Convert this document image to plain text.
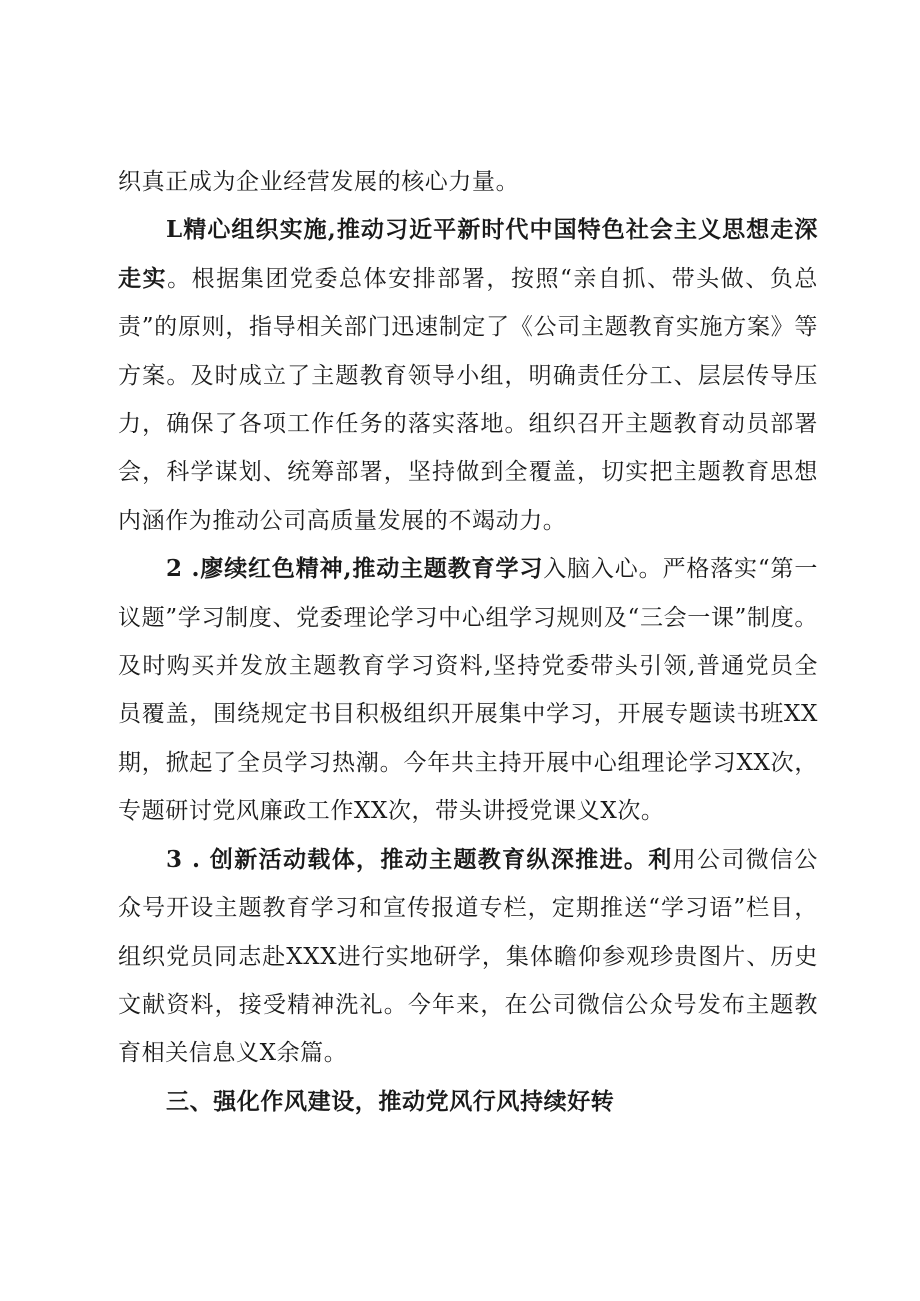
织真正成为企业经营发展的核心力量。

L精心组织实施,推动习近平新时代中国特色社会主义思想走深走实。根据集团党委总体安排部署，按照“亲自抓、带头做、负总责”的原则，指导相关部门迅速制定了《公司主题教育实施方案》等方案。及时成立了主题教育领导小组，明确责任分工、层层传导压力，确保了各项工作任务的落实落地。组织召开主题教育动员部署会，科学谋划、统筹部署，坚持做到全覆盖，切实把主题教育思想内涵作为推动公司高质量发展的不竭动力。

2 .廖续红色精神,推动主题教育学习入脑入心。严格落实“第一议题”学习制度、党委理论学习中心组学习规则及“三会一课”制度。及时购买并发放主题教育学习资料,坚持党委带头引领,普通党员全员覆盖，围绕规定书目积极组织开展集中学习，开展专题读书班XX期，掀起了全员学习热潮。今年共主持开展中心组理论学习XX次，专题研讨党风廉政工作XX次，带头讲授党课义X次。

3 . 创新活动载体，推动主题教育纵深推进。利用公司微信公众号开设主题教育学习和宣传报道专栏，定期推送“学习语”栏目，组织党员同志赴XXX进行实地研学，集体瞻仰参观珍贵图片、历史文献资料，接受精神洗礼。今年来，在公司微信公众号发布主题教育相关信息义X余篇。

三、强化作风建设，推动党风行风持续好转
